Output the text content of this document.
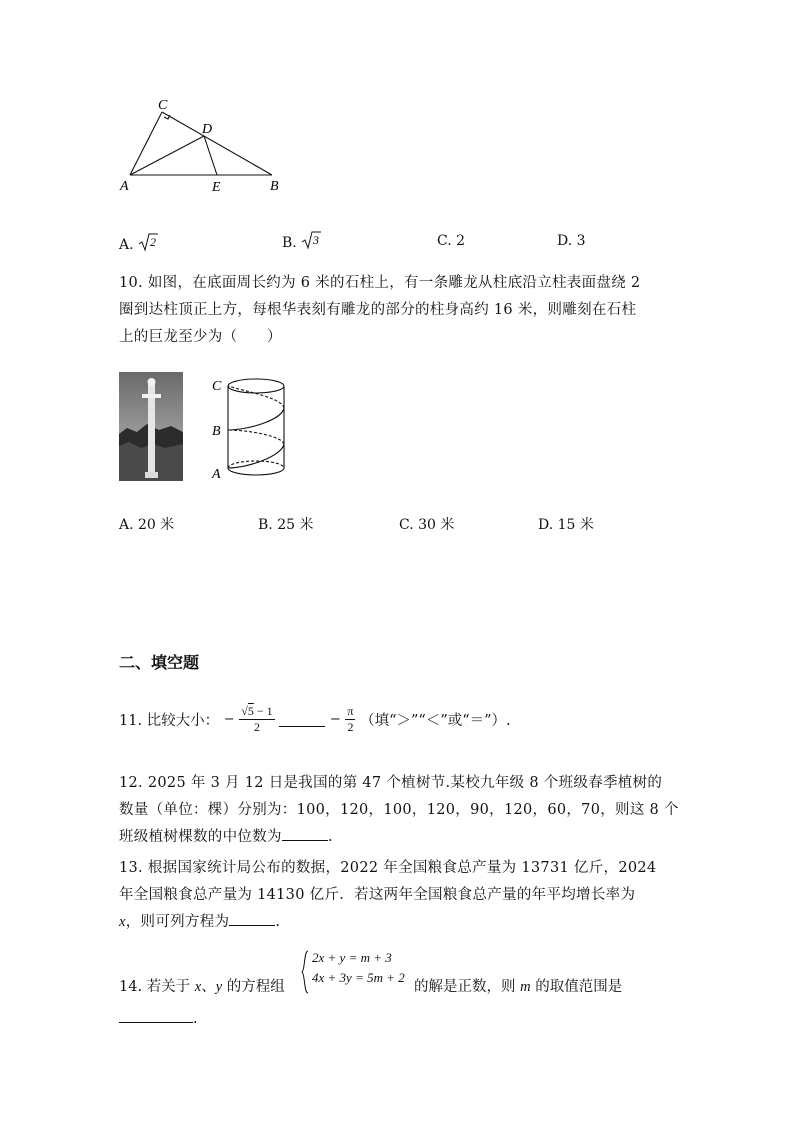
C
D
A	E	B
A. 2	B. 3	C. 2	D. 3
10. 如图，在底面周长约为 6 米的石柱上，有一条雕龙从柱底沿立柱表面盘绕 2
圈到达柱顶正上方，每根华表刻有雕龙的部分的柱身高约 16 米，则雕刻在石柱
上的巨龙至少为（　　）
C
B
A
A. 20 米	B. 25 米	C. 30 米	D. 15 米
二、填空题
11. 比较大小： − $\frac{√5 - 1}{2}$	− $\frac{\pi}{2}$ （填“＞”“＜”或“＝”）.
12. 2025 年 3 月 12 日是我国的第 47 个植树节.某校九年级 8 个班级春季植树的
数量（单位：棵）分别为：100，120，100，120，90，120，60，70，则这 8 个
班级植树棵数的中位数为	.
13. 根据国家统计局公布的数据，2022 年全国粮食总产量为 13731 亿斤，2024
年全国粮食总产量为 14130 亿斤．若这两年全国粮食总产量的年平均增长率为
x，则可列方程为	.
14. 若关于 x、y 的方程组
2x + y = m + 3
4x + 3y = 5m + 2
的解是正数，则 m 的取值范围是
.
